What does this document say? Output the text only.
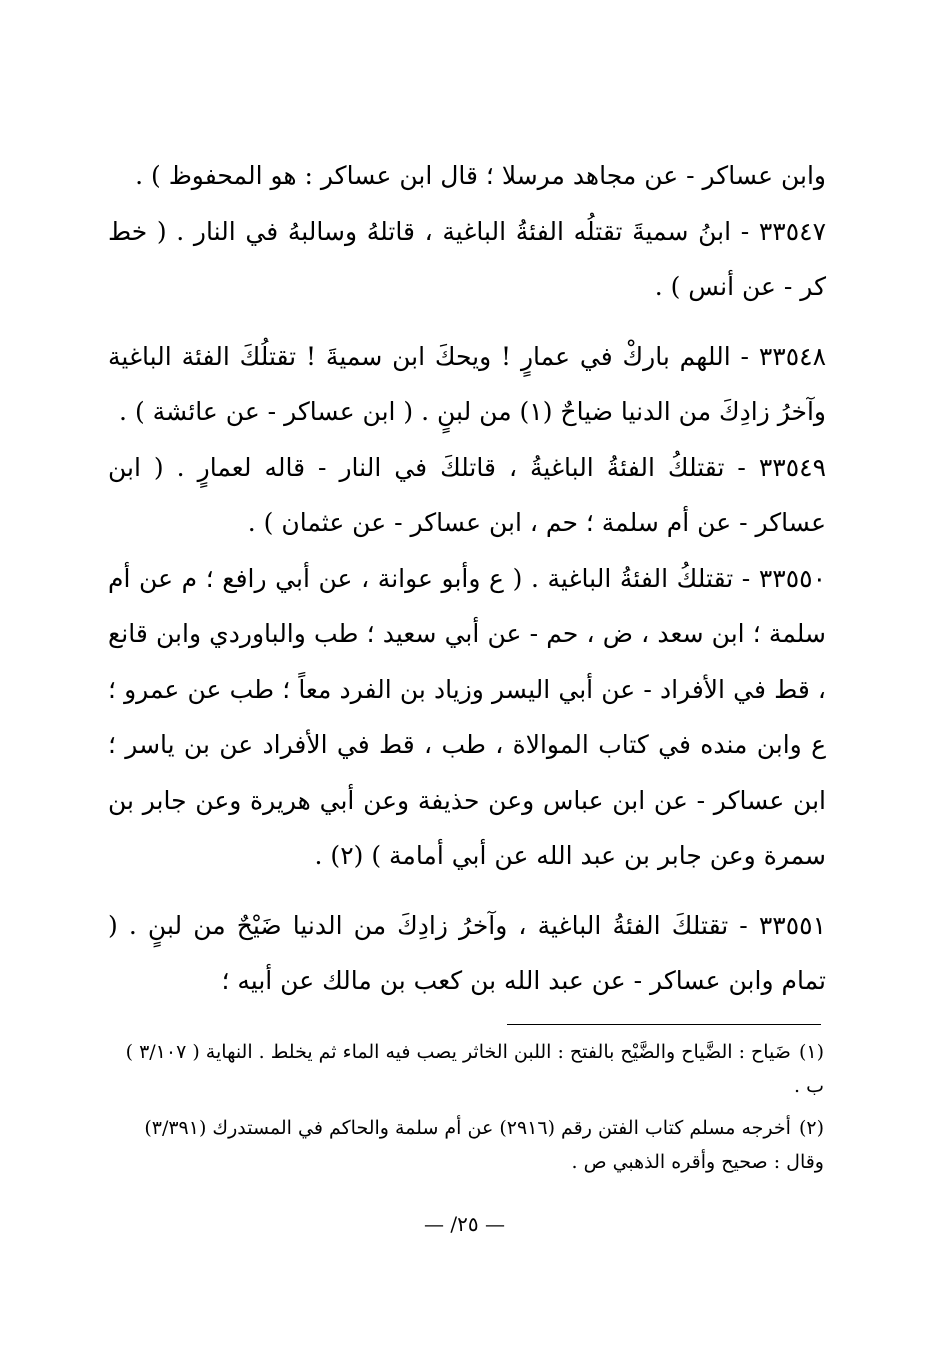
وابن عساكر - عن مجاهد مرسلا ؛ قال ابن عساكر : هو المحفوظ ) .

٣٣٥٤٧ - ابنُ سميةَ تقتلُه الفئةُ الباغية ، قاتلهُ وسالبهُ في النار . ( خط كر - عن أنس ) .

٣٣٥٤٨ - اللهم باركْ في عمارٍ ! ويحكَ ابن سميةَ ! تقتلُكَ الفئة الباغية وآخرُ زادِكَ من الدنيا ضياحٌ (١) من لبنٍ . ( ابن عساكر - عن عائشة ) .

٣٣٥٤٩ - تقتلكُ الفئةُ الباغيةُ ، قاتلكَ في النار - قاله لعمارٍ . ( ابن عساكر - عن أم سلمة ؛ حم ، ابن عساكر - عن عثمان ) .

٣٣٥٥٠ - تقتلكُ الفئةُ الباغية . ( ع وأبو عوانة ، عن أبي رافع ؛ م عن أم سلمة ؛ ابن سعد ، ض ، حم - عن أبي سعيد ؛ طب والباوردي وابن قانع ، قط في الأفراد - عن أبي اليسر وزياد بن الفرد معاً ؛ طب عن عمرو ؛ ع وابن منده في كتاب الموالاة ، طب ، قط في الأفراد عن بن ياسر ؛ ابن عساكر - عن ابن عباس وعن حذيفة وعن أبي هريرة وعن جابر بن سمرة وعن جابر بن عبد الله عن أبي أمامة ) (٢) .

٣٣٥٥١ - تقتلكَ الفئةُ الباغية ، وآخرُ زادِكَ من الدنيا ضَيْحٌ من لبنٍ . ( تمام وابن عساكر - عن عبد الله بن كعب بن مالك عن أبيه ؛

(١)ضَياح : الضَّياح والضَّيْح بالفتح : اللبن الخاثر يصب فيه الماء ثم يخلط . النهاية ( ٣/١٠٧ ) ب .

(٢)أخرجه مسلم كتاب الفتن رقم (٢٩١٦) عن أم سلمة والحاكم في المستدرك (٣/٣٩١) وقال : صحيح وأقره الذهبي ص .

— ٢٥/ —
